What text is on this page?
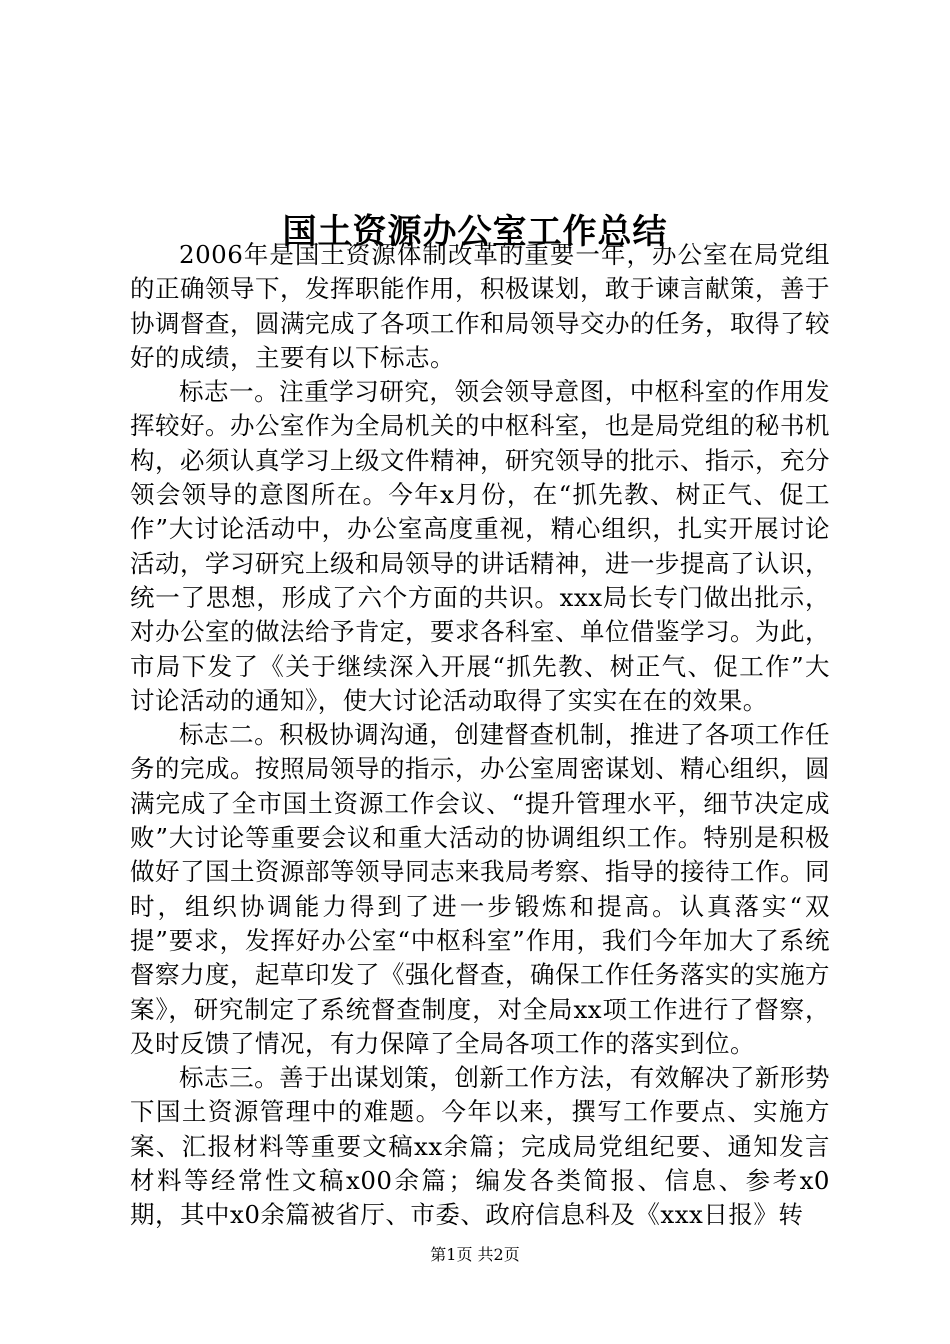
国土资源办公室工作总结

2006年是国土资源体制改革的重要一年，办公室在局党组的正确领导下，发挥职能作用，积极谋划，敢于谏言献策，善于协调督查，圆满完成了各项工作和局领导交办的任务，取得了较好的成绩，主要有以下标志。

标志一。注重学习研究，领会领导意图，中枢科室的作用发挥较好。办公室作为全局机关的中枢科室，也是局党组的秘书机构，必须认真学习上级文件精神，研究领导的批示、指示，充分领会领导的意图所在。今年x月份，在“抓先教、树正气、促工作”大讨论活动中，办公室高度重视，精心组织，扎实开展讨论活动，学习研究上级和局领导的讲话精神，进一步提高了认识，统一了思想，形成了六个方面的共识。xxx局长专门做出批示，对办公室的做法给予肯定，要求各科室、单位借鉴学习。为此，市局下发了《关于继续深入开展“抓先教、树正气、促工作”大讨论活动的通知》，使大讨论活动取得了实实在在的效果。

标志二。积极协调沟通，创建督查机制，推进了各项工作任务的完成。按照局领导的指示，办公室周密谋划、精心组织，圆满完成了全市国土资源工作会议、“提升管理水平，细节决定成败”大讨论等重要会议和重大活动的协调组织工作。特别是积极做好了国土资源部等领导同志来我局考察、指导的接待工作。同时，组织协调能力得到了进一步锻炼和提高。认真落实“双提”要求，发挥好办公室“中枢科室”作用，我们今年加大了系统督察力度，起草印发了《强化督查，确保工作任务落实的实施方案》，研究制定了系统督查制度，对全局xx项工作进行了督察，及时反馈了情况，有力保障了全局各项工作的落实到位。

标志三。善于出谋划策，创新工作方法，有效解决了新形势下国土资源管理中的难题。今年以来，撰写工作要点、实施方案、汇报材料等重要文稿xx余篇；完成局党组纪要、通知发言材料等经常性文稿x00余篇；编发各类简报、信息、参考x0期，其中x0余篇被省厅、市委、政府信息科及《xxx日报》转

第1页 共2页
